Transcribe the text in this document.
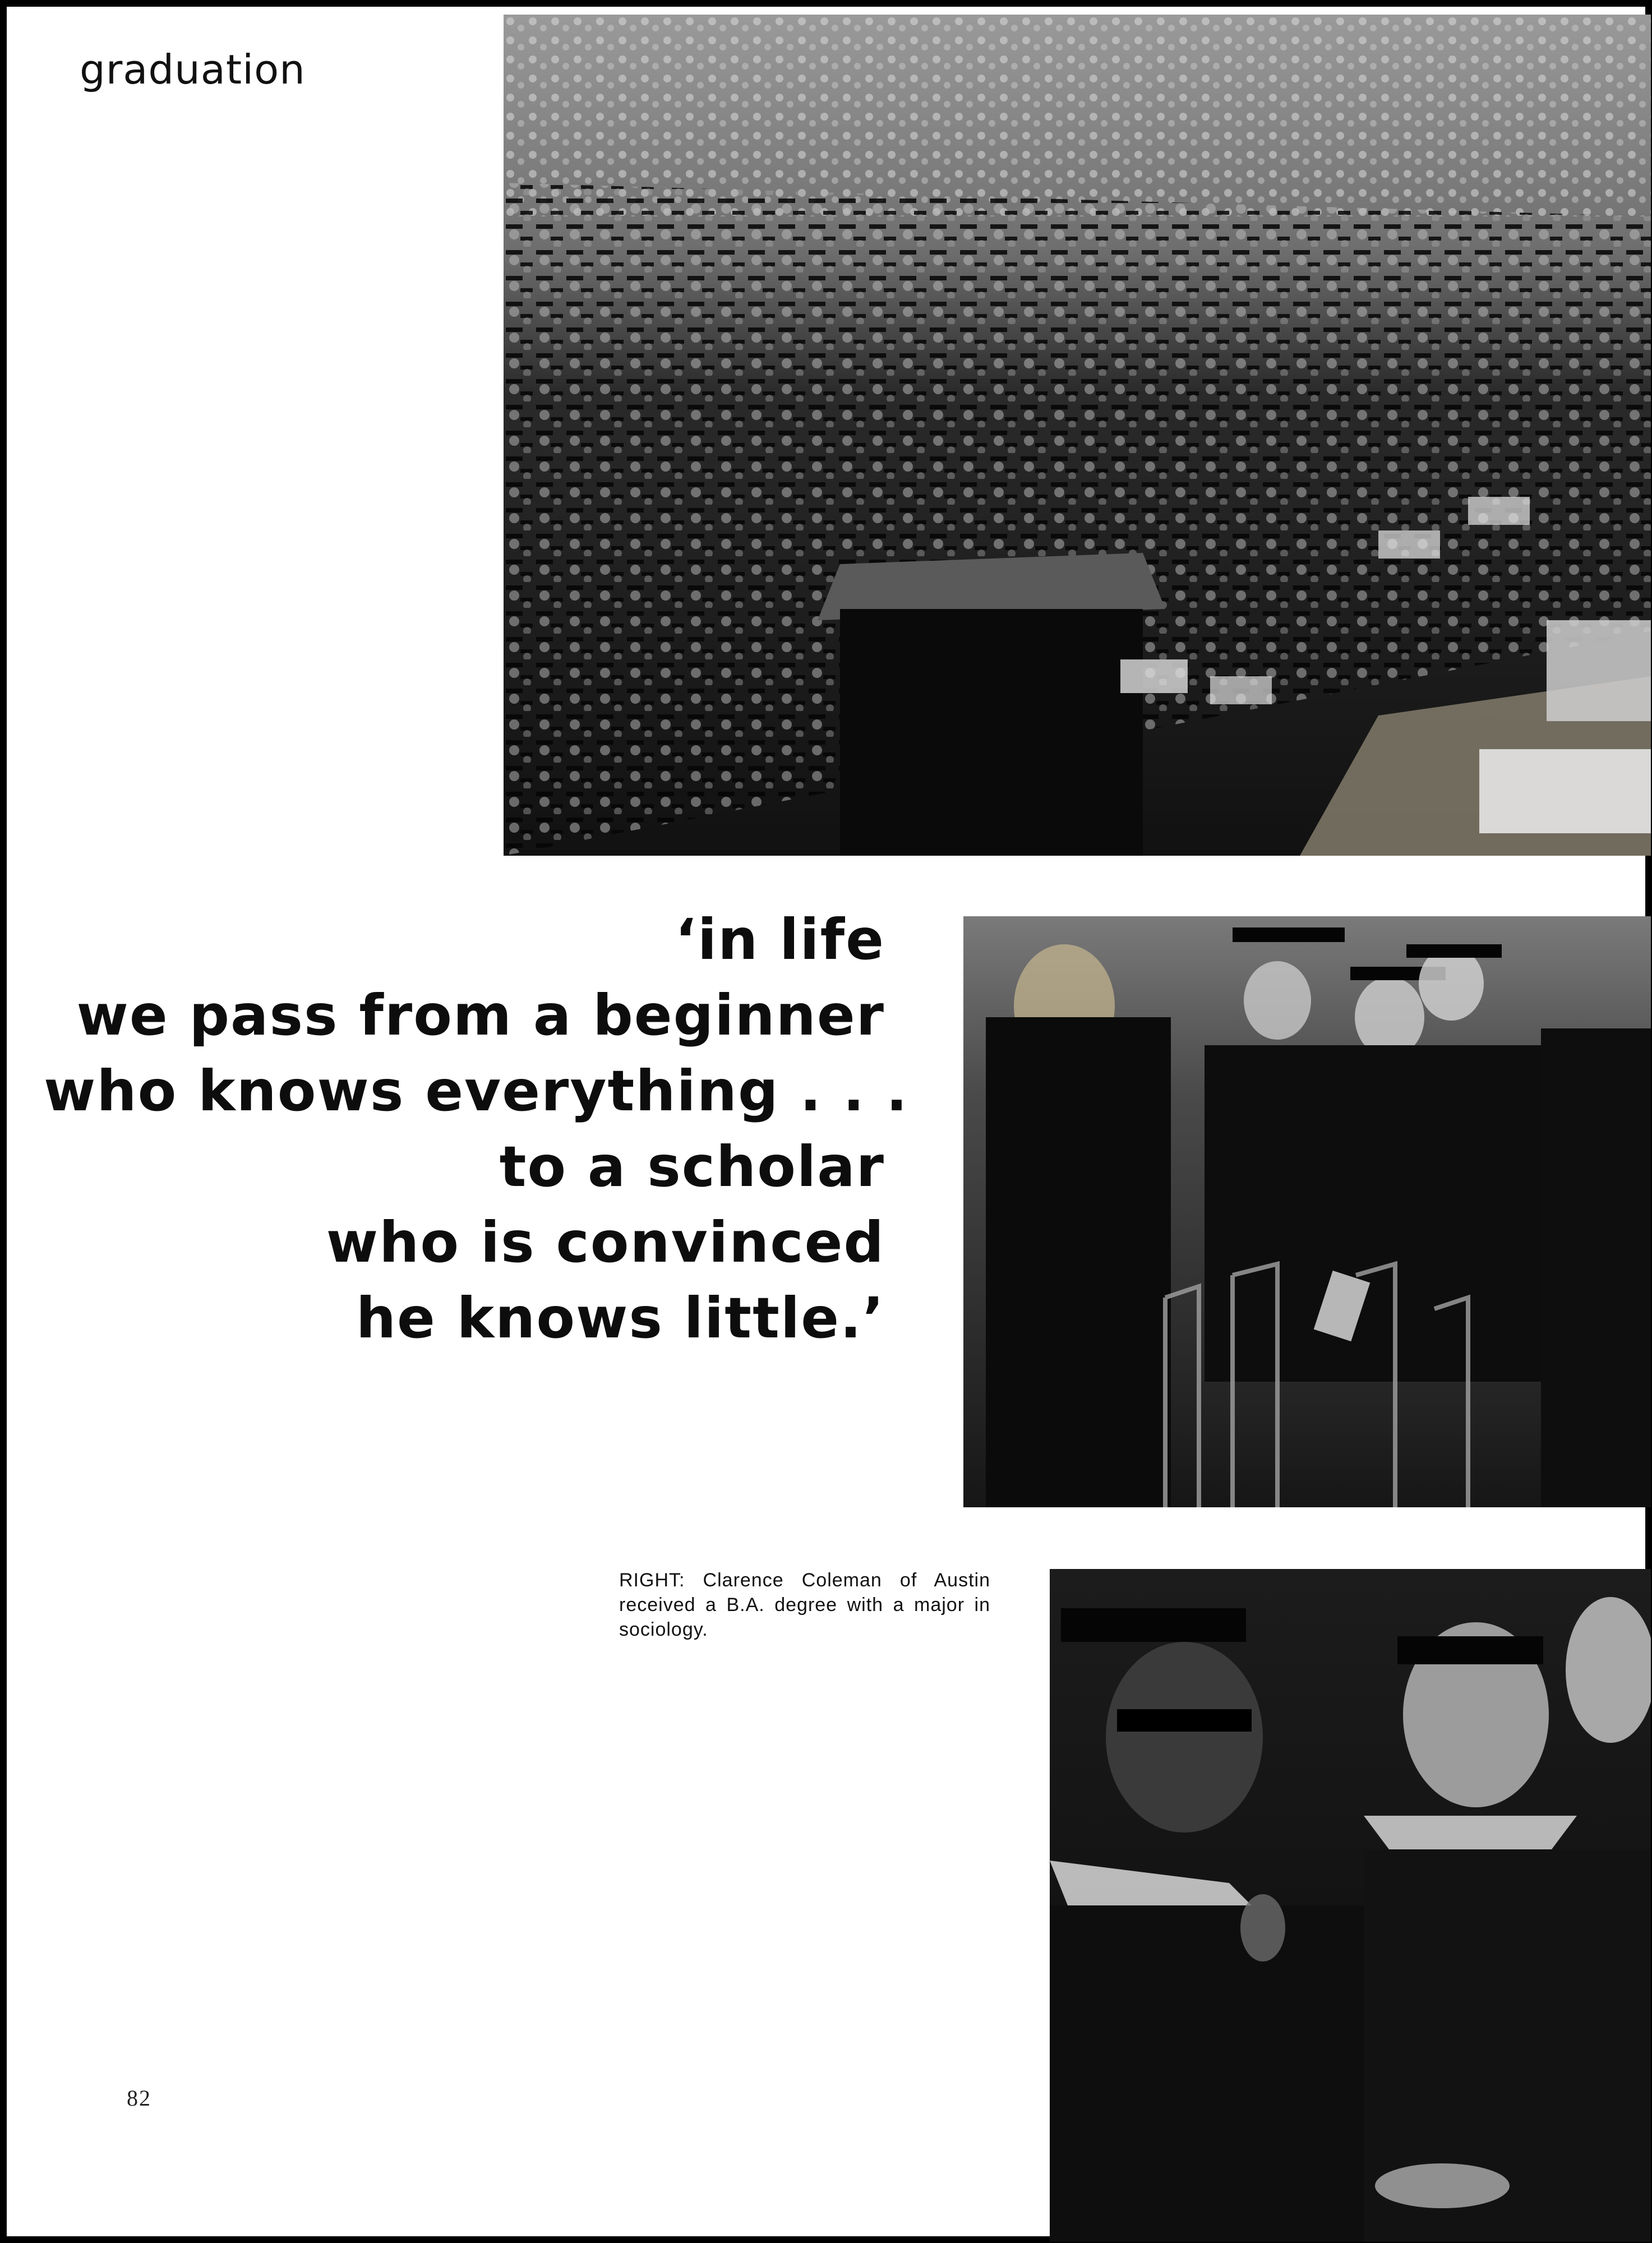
graduation

‘in life
we pass from a beginner
who knows everything . . .
to a scholar
who is convinced
he knows little.’

RIGHT: Clarence Coleman of Austin received a B.A. degree with a major in sociology.
82
